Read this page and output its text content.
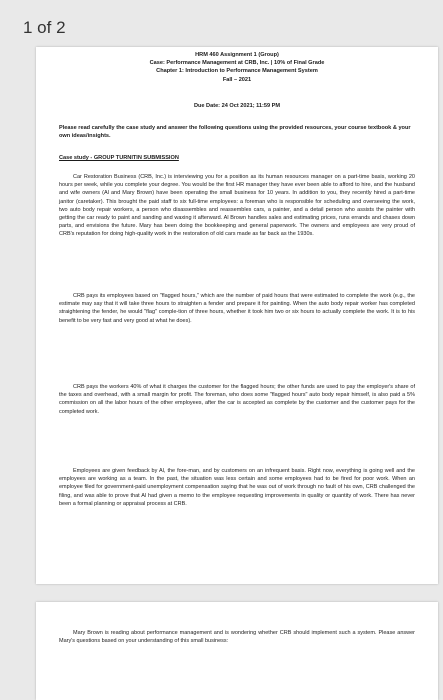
1 of 2
HRM 460 Assignment 1 (Group)
Case: Performance Management at CRB, Inc. | 10% of Final Grade
Chapter 1: Introduction to Performance Management System
Fall – 2021
Due Date: 24 Oct 2021; 11:59 PM
Please read carefully the case study and answer the following questions using the provided resources, your course textbook & your own ideas/insights.
Case study - GROUP TURNITIN SUBMISSION
Car Restoration Business (CRB, Inc.) is interviewing you for a position as its human resources manager on a part-time basis, working 20 hours per week, while you complete your degree. You would be the first HR manager they have ever been able to afford to hire, and the husband and wife owners (Al and Mary Brown) have been operating the small business for 10 years. In addition to you, they recently hired a part-time janitor (caretaker). This brought the paid staff to six full-time employees: a foreman who is responsible for scheduling and overseeing the work, two auto body repair workers, a person who disassembles and reassembles cars, a painter, and a detail person who assists the painter with getting the car ready to paint and sanding and waxing it afterward. Al Brown handles sales and estimating prices, runs errands and chases down parts, and envisions the future. Mary has been doing the bookkeeping and general paperwork. The owners and employees are very proud of CRB's reputation for doing high-quality work in the restoration of old cars made as far back as the 1930s.
CRB pays its employees based on "flagged hours," which are the number of paid hours that were estimated to complete the work (e.g., the estimate may say that it will take three hours to straighten a fender and prepare it for painting. When the auto body repair worker has completed straightening the fender, he would "flag" comple-tion of three hours, whether it took him two or six hours to actually complete the work. It is to his benefit to be very fast and very good at what he does).
CRB pays the workers 40% of what it charges the customer for the flagged hours; the other funds are used to pay the employer's share of the taxes and overhead, with a small margin for profit. The foreman, who does some "flagged hours" auto body repair himself, is also paid a 5% commission on all the labor hours of the other employees, after the car is accepted as complete by the customer and the customer pays for the completed work.
Employees are given feedback by Al, the fore-man, and by customers on an infrequent basis. Right now, everything is going well and the employees are working as a team. In the past, the situation was less certain and some employees had to be fired for poor work. When an employee filed for government-paid unemployment compensation saying that he was out of work through no fault of his own, CRB challenged the filing, and was able to prove that Al had given a memo to the employee requesting improvements in quality or quantity of work. There has never been a formal planning or appraisal process at CRB.
Mary Brown is reading about performance management and is wondering whether CRB should implement such a system. Please answer Mary's questions based on your understanding of this small business:
